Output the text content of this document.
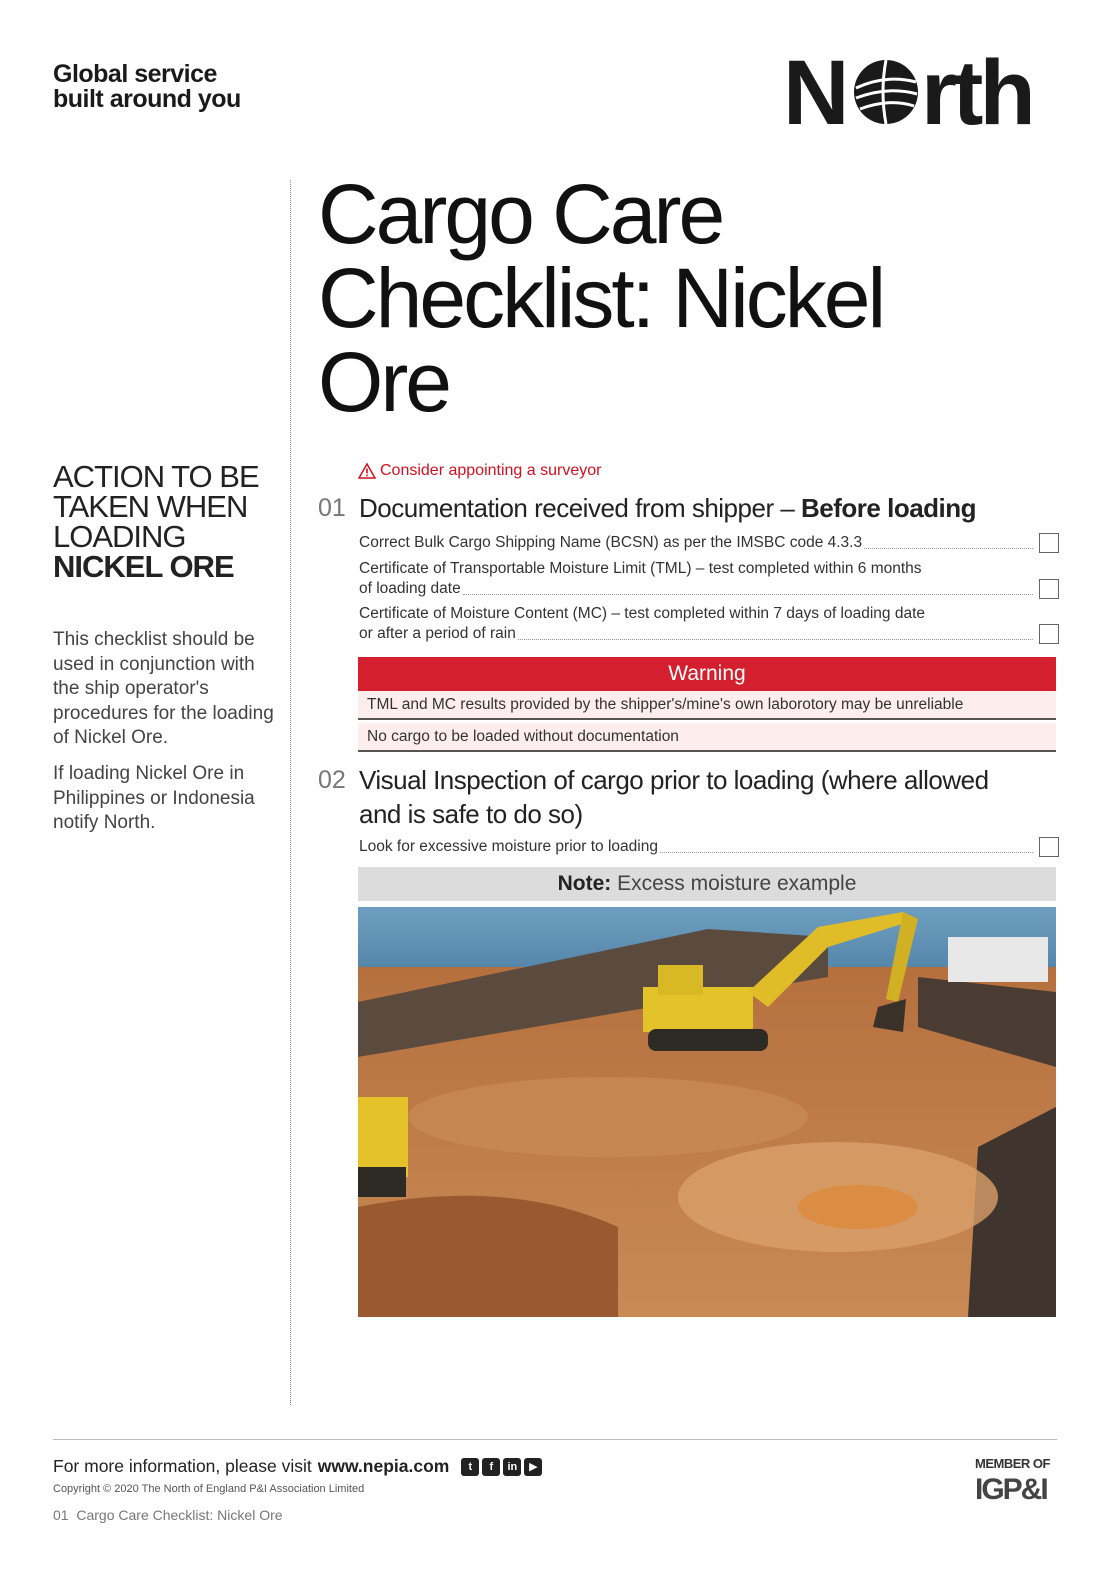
Global service
built around you	N rth
Cargo Care
Checklist: Nickel
Ore
ACTION TO BE TAKEN WHEN LOADING
NICKEL ORE
This checklist should be used in conjunction with the ship operator's procedures for the loading of Nickel Ore.
If loading Nickel Ore in Philippines or Indonesia notify North.
Consider appointing a surveyor
01 Documentation received from shipper – Before loading
Correct Bulk Cargo Shipping Name (BCSN) as per the IMSBC code 4.3.3
Certificate of Transportable Moisture Limit (TML) – test completed within 6 months
of loading date
Certificate of Moisture Content (MC) – test completed within 7 days of loading date
or after a period of rain
Warning
TML and MC results provided by the shipper's/mine's own laborotory may be unreliable
No cargo to be loaded without documentation
02 Visual Inspection of cargo prior to loading (where allowed and is safe to do so)
Look for excessive moisture prior to loading
Note: Excess moisture example
For more information, please visit www.nepia.com	t	f	in	▶
Copyright © 2020 The North of England P&I Association Limited
01 Cargo Care Checklist: Nickel Ore
MEMBER OF
IGP&I
